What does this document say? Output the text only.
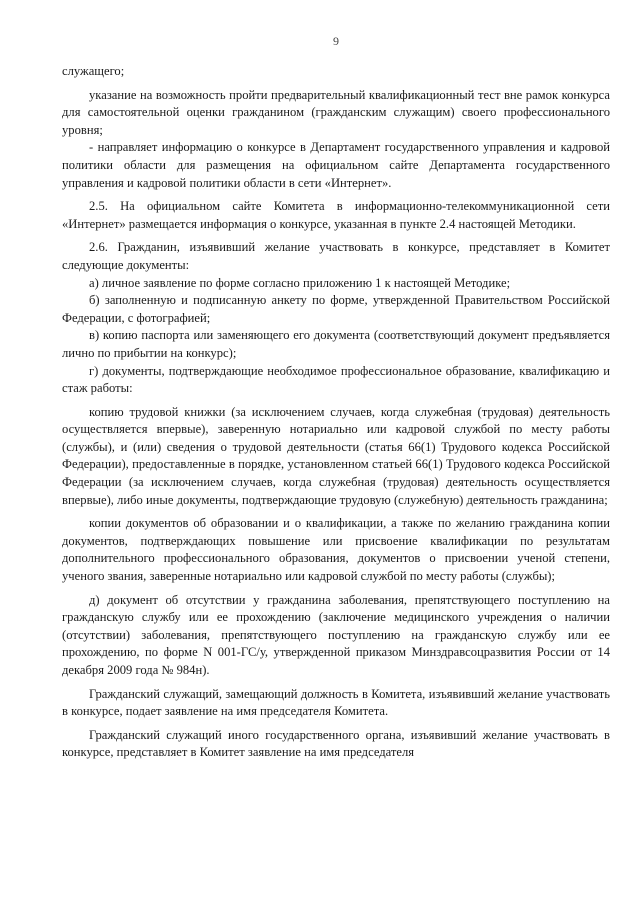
9

служащего;

указание на возможность пройти предварительный квалификационный тест вне рамок конкурса для самостоятельной оценки гражданином (гражданским служащим) своего профессионального уровня;

- направляет информацию о конкурсе в Департамент государственного управления и кадровой политики области для размещения на официальном сайте Департамента государственного управления и кадровой политики области в сети «Интернет».

2.5. На официальном сайте Комитета в информационно-телекоммуникационной сети «Интернет» размещается информация о конкурсе, указанная в пункте 2.4 настоящей Методики.

2.6. Гражданин, изъявивший желание участвовать в конкурсе, представляет в Комитет следующие документы:

а) личное заявление по форме согласно приложению 1 к настоящей Методике;

б) заполненную и подписанную анкету по форме, утвержденной Правительством Российской Федерации, с фотографией;

в) копию паспорта или заменяющего его документа (соответствующий документ предъявляется лично по прибытии на конкурс);

г) документы, подтверждающие необходимое профессиональное образование, квалификацию и стаж работы:

копию трудовой книжки (за исключением случаев, когда служебная (трудовая) деятельность осуществляется впервые), заверенную нотариально или кадровой службой по месту работы (службы), и (или) сведения о трудовой деятельности (статья 66(1) Трудового кодекса Российской Федерации), предоставленные в порядке, установленном статьей 66(1) Трудового кодекса Российской Федерации (за исключением случаев, когда служебная (трудовая) деятельность осуществляется впервые), либо иные документы, подтверждающие трудовую (служебную) деятельность гражданина;

копии документов об образовании и о квалификации, а также по желанию гражданина копии документов, подтверждающих повышение или присвоение квалификации по результатам дополнительного профессионального образования, документов о присвоении ученой степени, ученого звания, заверенные нотариально или кадровой службой по месту работы (службы);

д) документ об отсутствии у гражданина заболевания, препятствующего поступлению на гражданскую службу или ее прохождению (заключение медицинского учреждения о наличии (отсутствии) заболевания, препятствующего поступлению на гражданскую службу или ее прохождению, по форме N 001-ГС/у, утвержденной приказом Минздравсоцразвития России от 14 декабря 2009 года № 984н).

Гражданский служащий, замещающий должность в Комитета, изъявивший желание участвовать в конкурсе, подает заявление на имя председателя Комитета.

Гражданский служащий иного государственного органа, изъявивший желание участвовать в конкурсе, представляет в Комитет заявление на имя председателя
